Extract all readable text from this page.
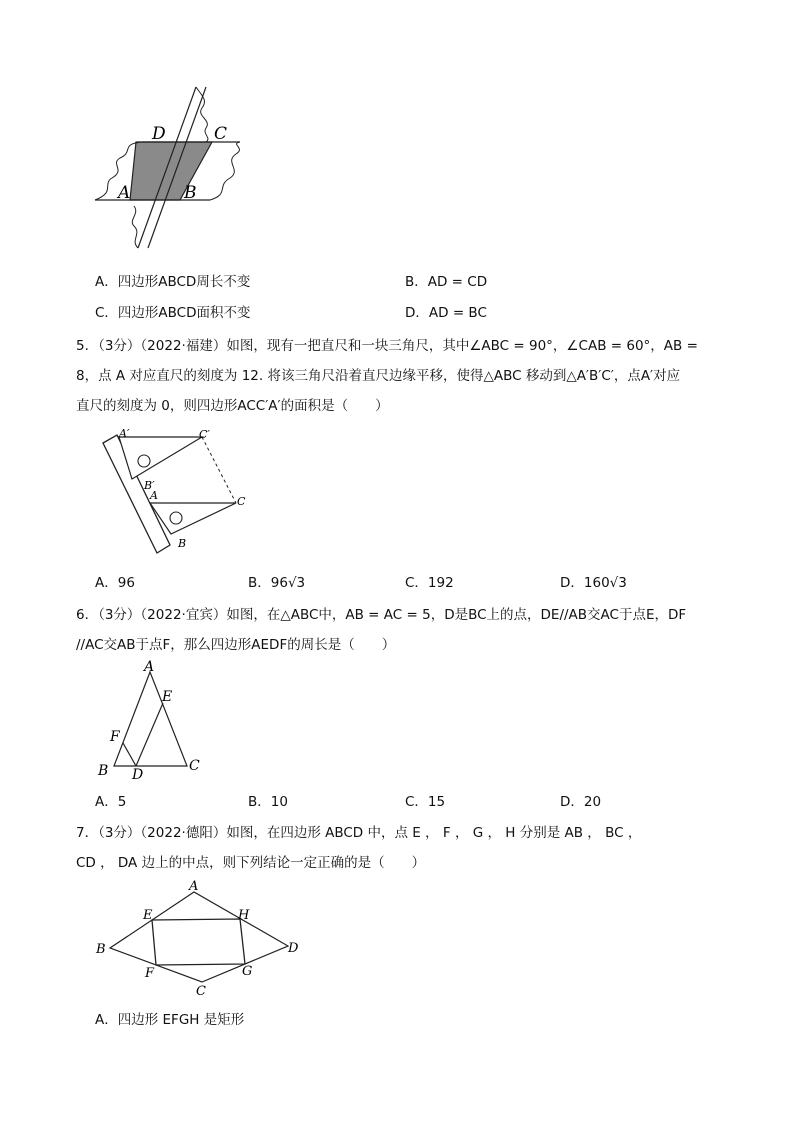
D	C
A	B
A．四边形ABCD周长不变	B．AD = CD
C．四边形ABCD面积不变	D．AD = BC
5．（3分）（2022·福建）如图，现有一把直尺和一块三角尺，其中∠ABC = 90°，∠CAB = 60°，AB =
8，点 A 对应直尺的刻度为 12. 将该三角尺沿着直尺边缘平移，使得△ABC 移动到△A′B′C′，点A′对应
直尺的刻度为 0，则四边形ACC′A′的面积是（　　）
A′	C′
B′
A	C
B
A．96	B．96√3	C．192	D．160√3
6．（3分）（2022·宜宾）如图，在△ABC中，AB = AC = 5，D是BC上的点，DE//AB交AC于点E，DF
//AC交AB于点F，那么四边形AEDF的周长是（　　）
A
E
F
B D
C
A．5	B．10	C．15	D．20
7．（3分）（2022·德阳）如图，在四边形 ABCD 中，点 E ， F ， G ， H 分别是 AB ， BC ，
CD ， DA 边上的中点，则下列结论一定正确的是（　　）
A
E	H
B	D
F	G
C
A．四边形 EFGH 是矩形
